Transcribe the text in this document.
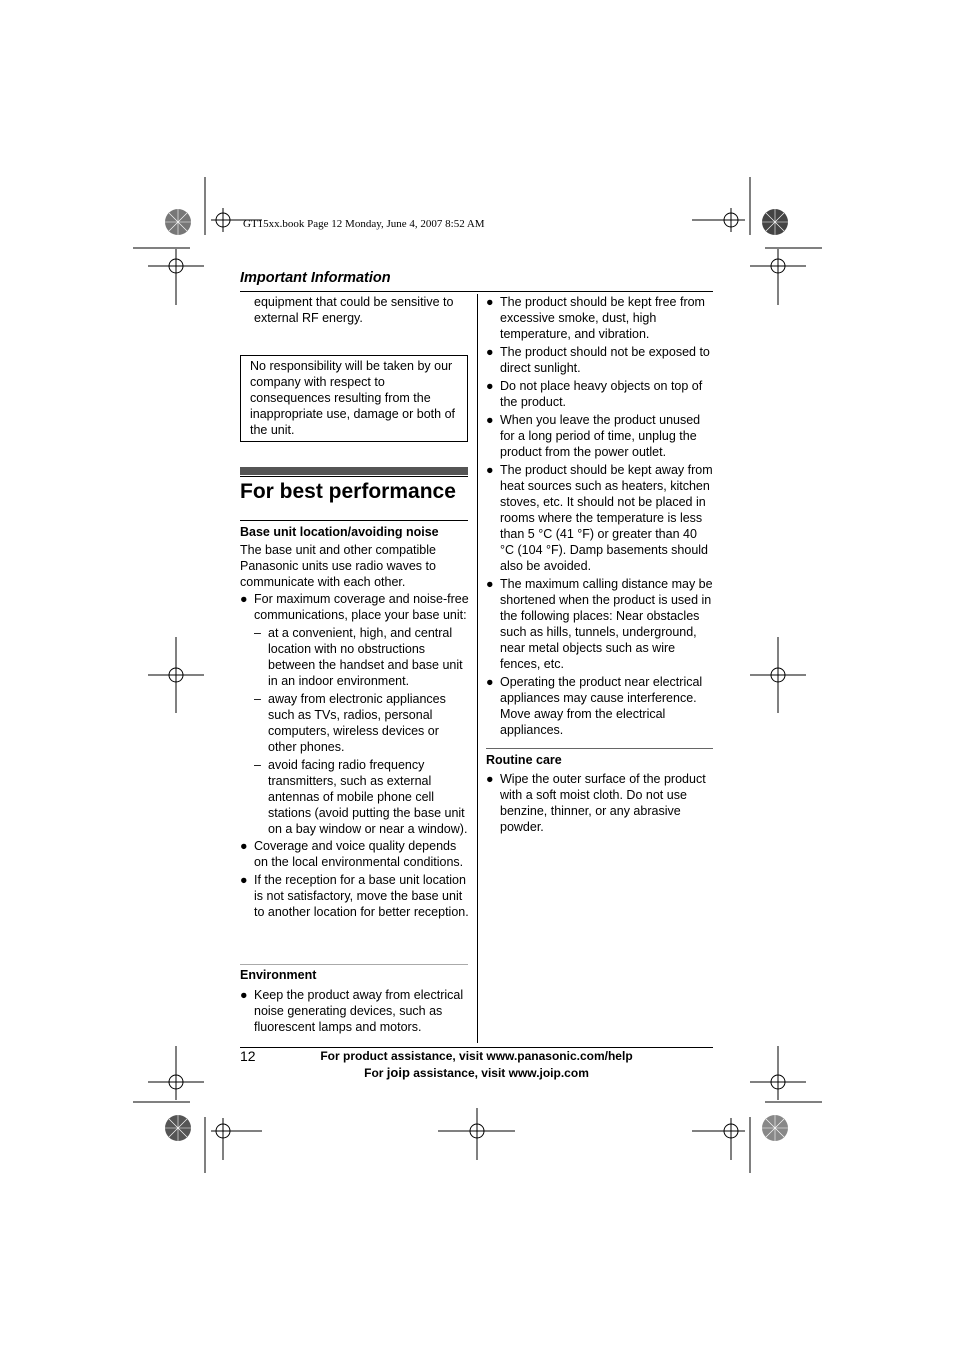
GT15xx.book Page 12 Monday, June 4, 2007 8:52 AM
Important Information
equipment that could be sensitive to external RF energy.
No responsibility will be taken by our company with respect to consequences resulting from the inappropriate use, damage or both of the unit.
For best performance
Base unit location/avoiding noise

The base unit and other compatible Panasonic units use radio waves to communicate with each other.

● For maximum coverage and noise-free communications, place your base unit:
– at a convenient, high, and central location with no obstructions between the handset and base unit in an indoor environment.
– away from electronic appliances such as TVs, radios, personal computers, wireless devices or other phones.
– avoid facing radio frequency transmitters, such as external antennas of mobile phone cell stations (avoid putting the base unit on a bay window or near a window).
● Coverage and voice quality depends on the local environmental conditions.
● If the reception for a base unit location is not satisfactory, move the base unit to another location for better reception.
Environment
● Keep the product away from electrical noise generating devices, such as fluorescent lamps and motors.
● The product should be kept free from excessive smoke, dust, high temperature, and vibration.
● The product should not be exposed to direct sunlight.
● Do not place heavy objects on top of the product.
● When you leave the product unused for a long period of time, unplug the product from the power outlet.
● The product should be kept away from heat sources such as heaters, kitchen stoves, etc. It should not be placed in rooms where the temperature is less than 5 °C (41 °F) or greater than 40 °C (104 °F). Damp basements should also be avoided.
● The maximum calling distance may be shortened when the product is used in the following places: Near obstacles such as hills, tunnels, underground, near metal objects such as wire fences, etc.
● Operating the product near electrical appliances may cause interference. Move away from the electrical appliances.
Routine care
● Wipe the outer surface of the product with a soft moist cloth. Do not use benzine, thinner, or any abrasive powder.
12	For product assistance, visit www.panasonic.com/help
For joip assistance, visit www.joip.com
